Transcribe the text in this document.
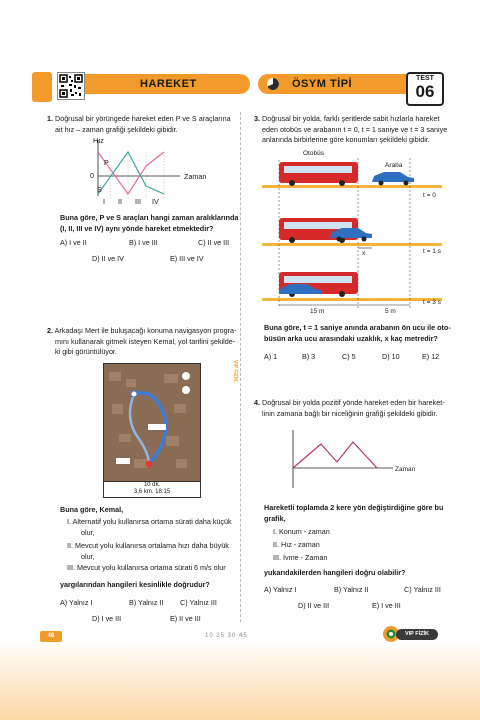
HAREKET	ÖSYM TİPİ	TEST
06
VIP FİZİK
1. Doğrusal bir yörüngede hareket eden P ve S araçlarına
ait hız – zaman grafiği şekildeki gibidir.
Hız
Zaman
0
P
S
I II III IV
Buna göre, P ve S araçları hangi zaman aralıklarında
(I, II, III ve IV) aynı yönde hareket etmektedir?
A) I ve II	B) I ve III	C) II ve III
D) II ve IV	E) III ve IV
2. Arkadaşı Mert ile buluşacağı konuma navigasyon progra-
mını kullanarak gitmek isteyen Kemal, yol tarifini şekilde-
ki gibi görüntülüyor.
10 dk.
3,6 km. 18:15
Buna göre, Kemal,
I. Alternatif yolu kullanırsa ortama sürati daha küçük
olur,
II. Mevcut yolu kullanırsa ortalama hızı daha büyük
olur,
III. Mevcut yolu kullanırsa ortama sürati 6 m/s olur
yargılarından hangileri kesinlikle doğrudur?
A) Yalnız I	B) Yalnız II C) Yalnız III
D) I ve III	E) II ve III
3. Doğrusal bir yolda, farklı şeritlerde sabit hızlarla hareket
eden otobüs ve arabanın t = 0, t = 1 saniye ve t = 3 saniye
anlarında birbirlerine göre konumları şekildeki gibidir.
Otobüs
Araba
t = 0
t = 1 s
t = 3 s
x
15 m	5 m
Buna göre, t = 1 saniye anında arabanın ön ucu ile oto-
büsün arka ucu arasındaki uzaklık, x kaç metredir?
A) 1	B) 3	C) 5	D) 10	E) 12
4. Doğrusal bir yolda pozitif yönde hareket eden bir hareket-
linin zamana bağlı bir niceliğinin grafiği şekildeki gibidir.
Zaman
Hareketli toplamda 2 kere yön değiştirdiğine göre bu
grafik,
I. Konum - zaman
II. Hız - zaman
III. İvme - Zaman
yukarıdakilerden hangileri doğru olabilir?
A) Yalnız I	B) Yalnız II	C) Yalnız III
D) II ve III	E) I ve III
46	10 25 30 45	VIP FİZİK
